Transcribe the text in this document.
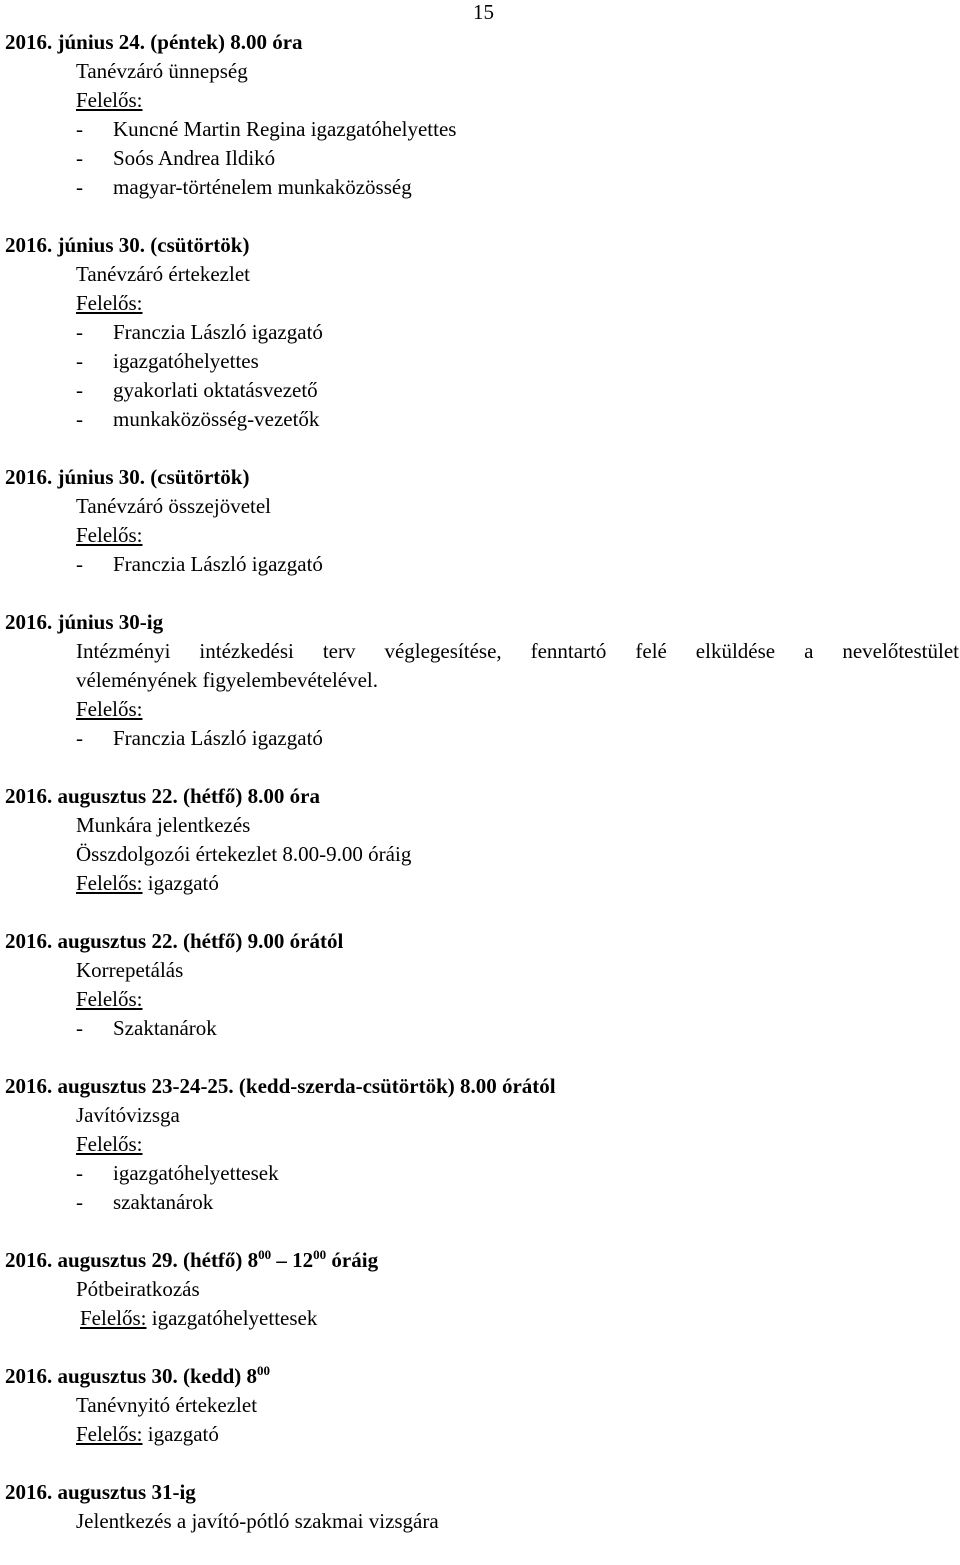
15
2016. június 24. (péntek) 8.00 óra
Tanévzáró ünnepség
Felelős:
- Kuncné Martin Regina igazgatóhelyettes
- Soós Andrea Ildikó
- magyar-történelem munkaközösség
2016. június 30. (csütörtök)
Tanévzáró értekezlet
Felelős:
- Franczia László igazgató
- igazgatóhelyettes
- gyakorlati oktatásvezető
- munkaközösség-vezetők
2016. június 30. (csütörtök)
Tanévzáró összejövetel
Felelős:
- Franczia László igazgató
2016. június 30-ig
Intézményi intézkedési terv véglegesítése, fenntartó felé elküldése a nevelőtestület
véleményének figyelembevételével.
Felelős:
- Franczia László igazgató
2016. augusztus 22. (hétfő) 8.00 óra
Munkára jelentkezés
Összdolgozói értekezlet 8.00-9.00 óráig
Felelős: igazgató
2016. augusztus 22. (hétfő) 9.00 órától
Korrepetálás
Felelős:
- Szaktanárok
2016. augusztus 23-24-25. (kedd-szerda-csütörtök) 8.00 órától
Javítóvizsga
Felelős:
- igazgatóhelyettesek
- szaktanárok
2016. augusztus 29. (hétfő) $8^{00} - 12^{00}$ óráig
Pótbeiratkozás
Felelős: igazgatóhelyettesek
2016. augusztus 30. (kedd) $8^{00}$
Tanévnyitó értekezlet
Felelős: igazgató
2016. augusztus 31-ig
Jelentkezés a javító-pótló szakmai vizsgára
